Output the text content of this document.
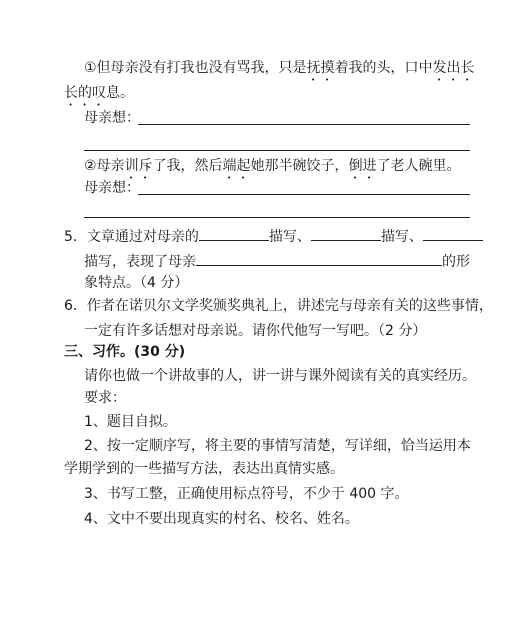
①但母亲没有打我也没有骂我，只是抚摸着我的头，口中发出长
长的叹息。
母亲想：
②母亲训斥了我，然后端起她那半碗饺子，倒进了老人碗里。
母亲想：
5．文章通过对母亲的	描写、	描写、
描写，表现了母亲	的形
象特点。（4 分）
6．作者在诺贝尔文学奖颁奖典礼上，讲述完与母亲有关的这些事情，
一定有许多话想对母亲说。请你代他写一写吧。（2 分）
三、习作。(30 分)
请你也做一个讲故事的人，讲一讲与课外阅读有关的真实经历。
要求：
1、题目自拟。
2、按一定顺序写，将主要的事情写清楚，写详细，恰当运用本
学期学到的一些描写方法，表达出真情实感。
3、书写工整，正确使用标点符号，不少于 400 字。
4、文中不要出现真实的村名、校名、姓名。
